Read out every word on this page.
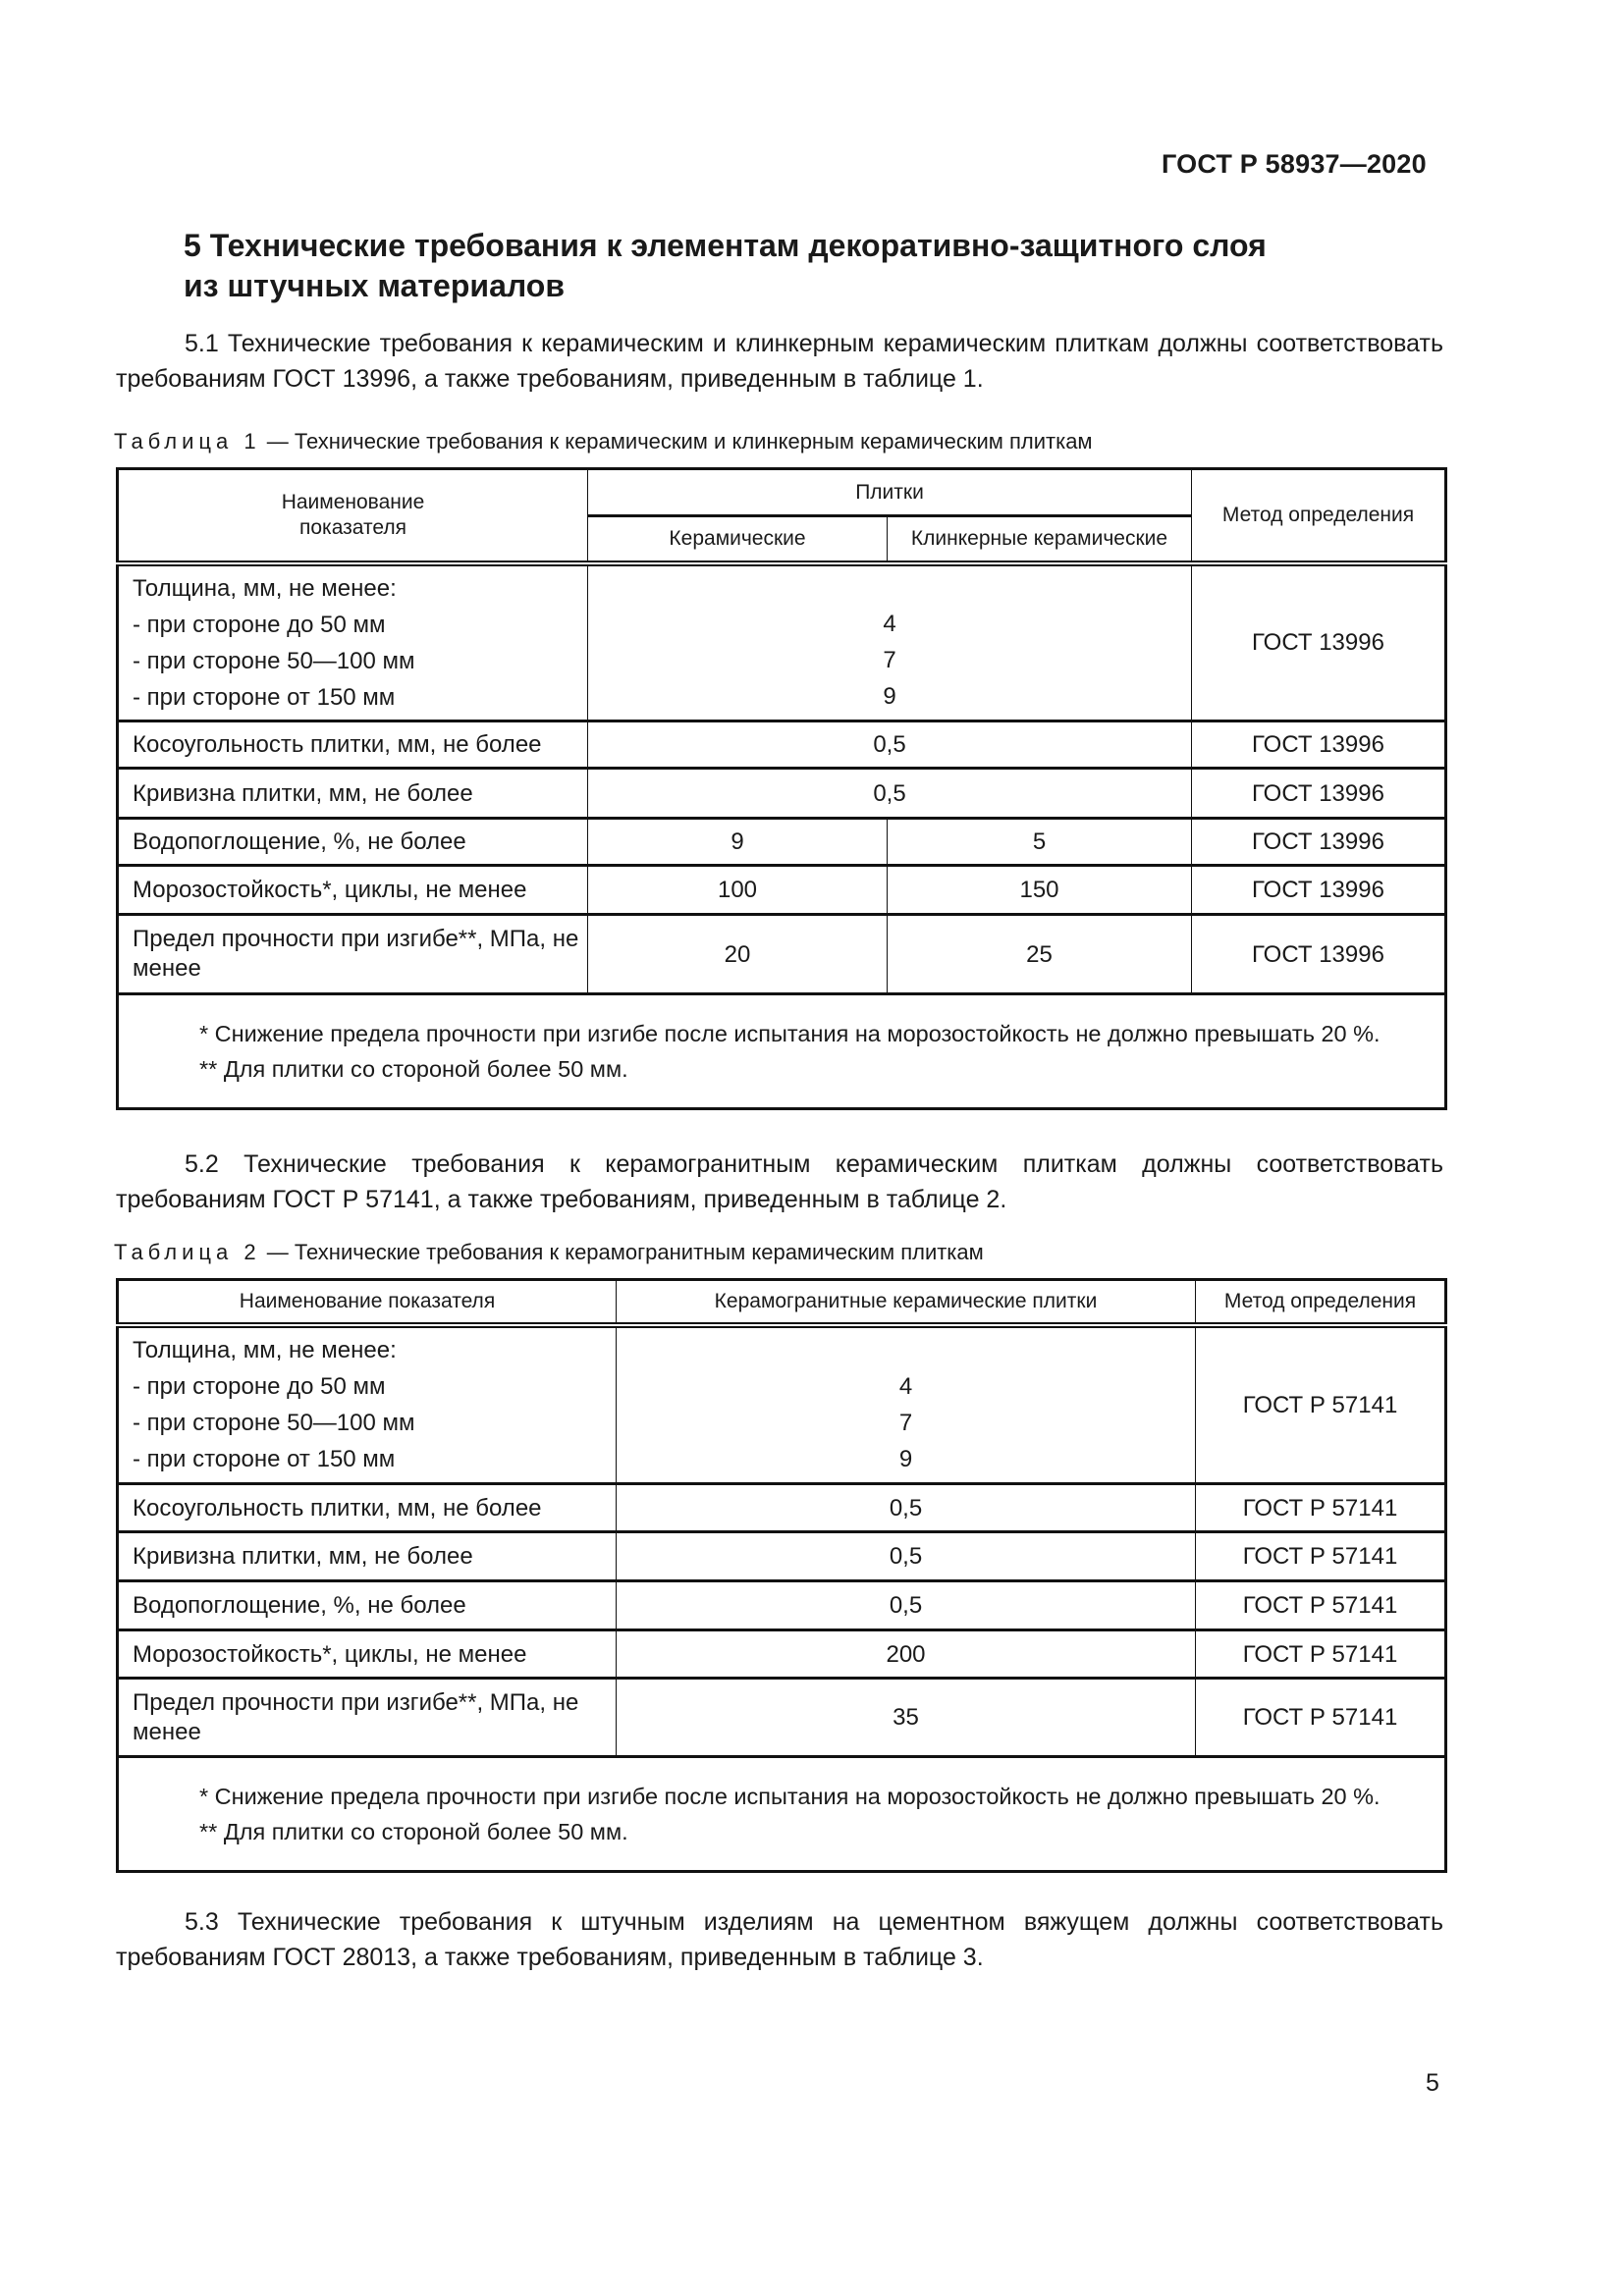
ГОСТ Р 58937—2020
5 Технические требования к элементам декоративно-защитного слоя
из штучных материалов
5.1 Технические требования к керамическим и клинкерным керамическим плиткам должны соответствовать требованиям ГОСТ 13996, а также требованиям, приведенным в таблице 1.
Таблица 1 — Технические требования к керамическим и клинкерным керамическим плиткам
Наименование показателя	Плитки		Метод определения
	Керамические	Клинкерные керамические	

Толщина, мм, не менее:
- при стороне до 50 мм
- при стороне 50—100 мм
- при стороне от 150 мм	4
7
9		ГОСТ 13996
Косоугольность плитки, мм, не более	0,5		ГОСТ 13996
Кривизна плитки, мм, не более	0,5		ГОСТ 13996
Водопоглощение, %, не более	9	5	ГОСТ 13996
Морозостойкость*, циклы, не менее	100	150	ГОСТ 13996
Предел прочности при изгибе**, МПа, не менее	20	25	ГОСТ 13996

* Снижение предела прочности при изгибе после испытания на морозостойкость не должно превышать 20 %.
** Для плитки со стороной более 50 мм.			
5.2 Технические требования к керамогранитным керамическим плиткам должны соответствовать требованиям ГОСТ Р 57141, а также требованиям, приведенным в таблице 2.
Таблица 2 — Технические требования к керамогранитным керамическим плиткам
Наименование показателя	Керамогранитные керамические плитки	Метод определения

Толщина, мм, не менее:
- при стороне до 50 мм
- при стороне 50—100 мм
- при стороне от 150 мм	4
7
9	ГОСТ Р 57141
Косоугольность плитки, мм, не более	0,5	ГОСТ Р 57141
Кривизна плитки, мм, не более	0,5	ГОСТ Р 57141
Водопоглощение, %, не более	0,5	ГОСТ Р 57141
Морозостойкость*, циклы, не менее	200	ГОСТ Р 57141
Предел прочности при изгибе**, МПа, не менее	35	ГОСТ Р 57141

* Снижение предела прочности при изгибе после испытания на морозостойкость не должно превышать 20 %.
** Для плитки со стороной более 50 мм.		
5.3 Технические требования к штучным изделиям на цементном вяжущем должны соответствовать требованиям ГОСТ 28013, а также требованиям, приведенным в таблице 3.
5
